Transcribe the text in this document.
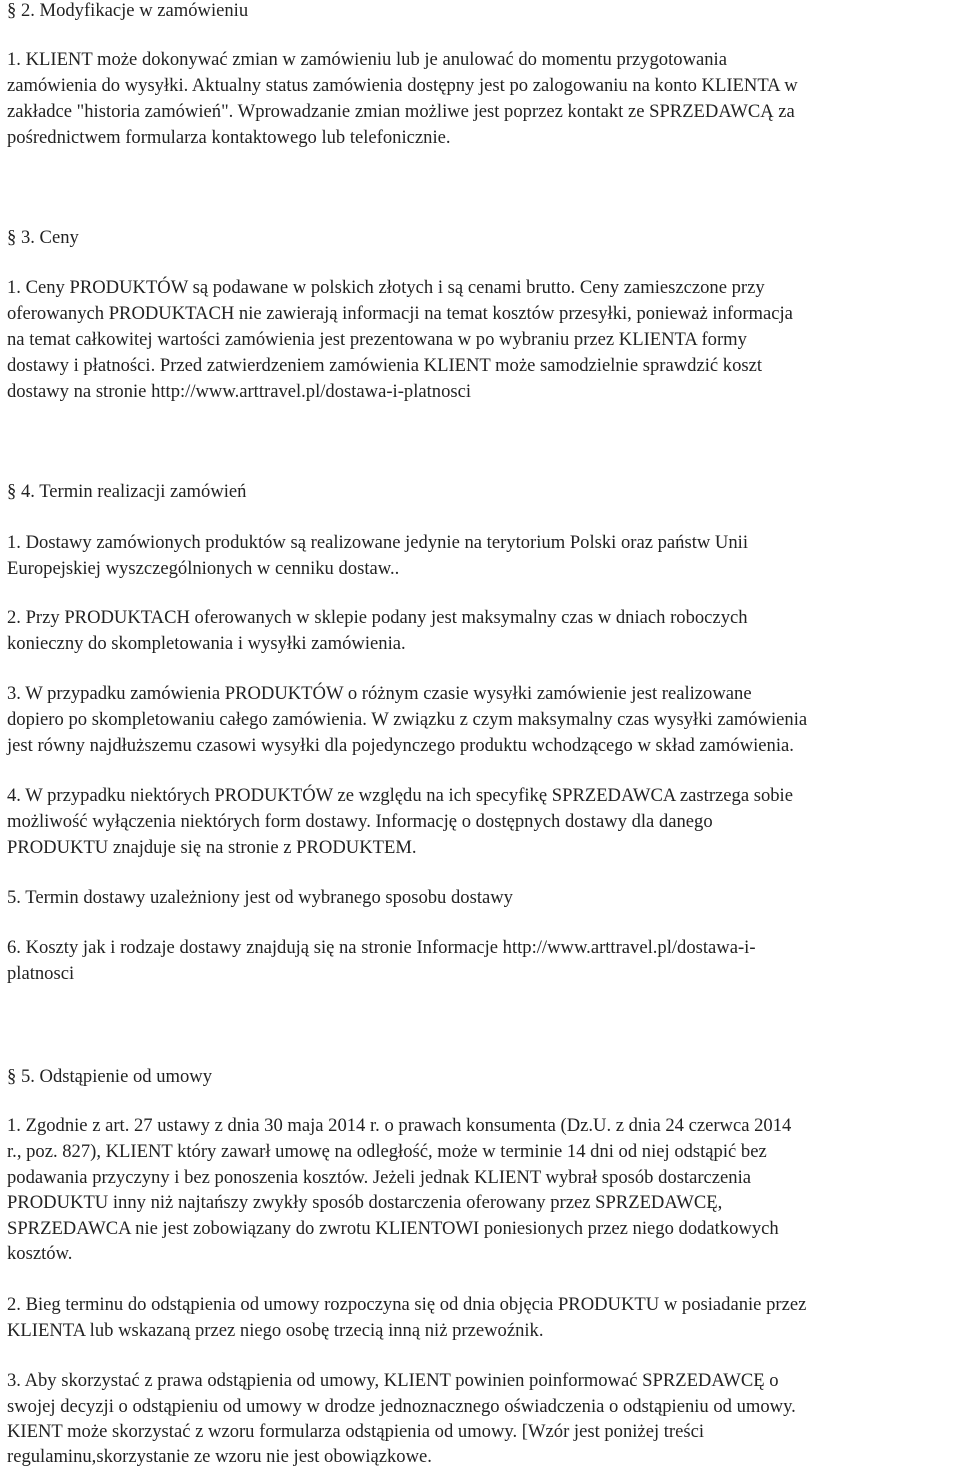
§ 2. Modyfikacje w zamówieniu
1. KLIENT może dokonywać zmian w zamówieniu lub je anulować do momentu przygotowania
zamówienia do wysyłki. Aktualny status zamówienia dostępny jest po zalogowaniu na konto KLIENTA w
zakładce "historia zamówień". Wprowadzanie zmian możliwe jest poprzez kontakt ze SPRZEDAWCĄ za
pośrednictwem formularza kontaktowego lub telefonicznie.
§ 3. Ceny
1. Ceny PRODUKTÓW są podawane w polskich złotych i są cenami brutto. Ceny zamieszczone przy
oferowanych PRODUKTACH nie zawierają informacji na temat kosztów przesyłki, ponieważ informacja
na temat całkowitej wartości zamówienia jest prezentowana w po wybraniu przez KLIENTA formy
dostawy i płatności. Przed zatwierdzeniem zamówienia KLIENT może samodzielnie sprawdzić koszt
dostawy na stronie http://www.arttravel.pl/dostawa-i-platnosci
§ 4. Termin realizacji zamówień
1. Dostawy zamówionych produktów są realizowane jedynie na terytorium Polski oraz państw Unii
Europejskiej wyszczególnionych w cenniku dostaw..
2. Przy PRODUKTACH oferowanych w sklepie podany jest maksymalny czas w dniach roboczych
konieczny do skompletowania i wysyłki zamówienia.
3. W przypadku zamówienia PRODUKTÓW o różnym czasie wysyłki zamówienie jest realizowane
dopiero po skompletowaniu całego zamówienia. W związku z czym maksymalny czas wysyłki zamówienia
jest równy najdłuższemu czasowi wysyłki dla pojedynczego produktu wchodzącego w skład zamówienia.
4. W przypadku niektórych PRODUKTÓW ze względu na ich specyfikę SPRZEDAWCA zastrzega sobie
możliwość wyłączenia niektórych form dostawy. Informację o dostępnych dostawy dla danego
PRODUKTU znajduje się na stronie z PRODUKTEM.
5. Termin dostawy uzależniony jest od wybranego sposobu dostawy
6. Koszty jak i rodzaje dostawy znajdują się na stronie Informacje http://www.arttravel.pl/dostawa-i-
platnosci
§ 5. Odstąpienie od umowy
1. Zgodnie z art. 27 ustawy z dnia 30 maja 2014 r. o prawach konsumenta (Dz.U. z dnia 24 czerwca 2014
r., poz. 827), KLIENT który zawarł umowę na odległość, może w terminie 14 dni od niej odstąpić bez
podawania przyczyny i bez ponoszenia kosztów. Jeżeli jednak KLIENT wybrał sposób dostarczenia
PRODUKTU inny niż najtańszy zwykły sposób dostarczenia oferowany przez SPRZEDAWCĘ,
SPRZEDAWCA nie jest zobowiązany do zwrotu KLIENTOWI poniesionych przez niego dodatkowych
kosztów.
2. Bieg terminu do odstąpienia od umowy rozpoczyna się od dnia objęcia PRODUKTU w posiadanie przez
KLIENTA lub wskazaną przez niego osobę trzecią inną niż przewoźnik.
3. Aby skorzystać z prawa odstąpienia od umowy, KLIENT powinien poinformować SPRZEDAWCĘ o
swojej decyzji o odstąpieniu od umowy w drodze jednoznacznego oświadczenia o odstąpieniu od umowy.
KIENT może skorzystać z wzoru formularza odstąpienia od umowy. [Wzór jest poniżej treści
regulaminu,skorzystanie ze wzoru nie jest obowiązkowe.
